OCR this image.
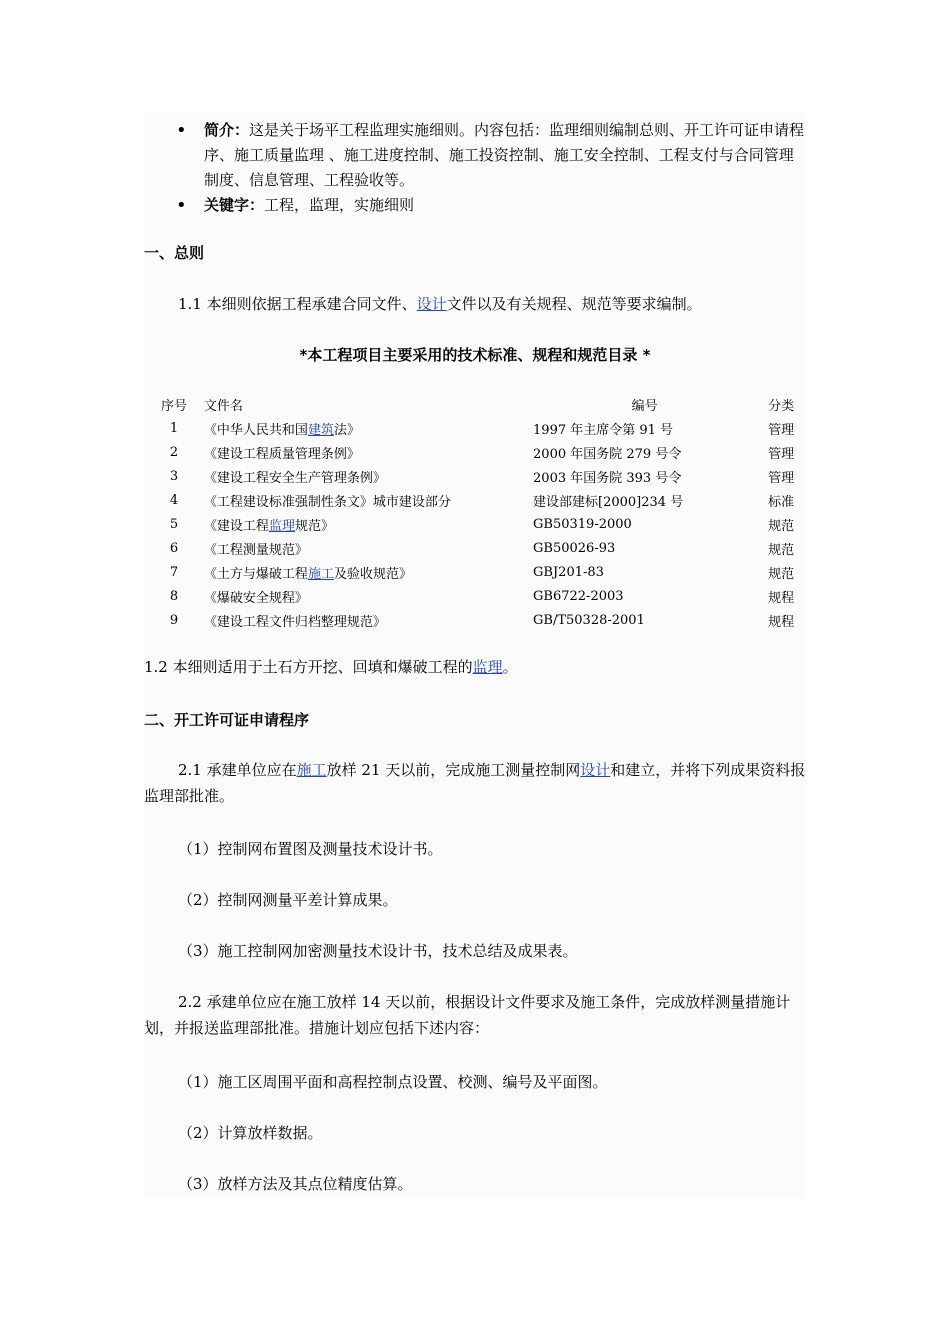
• 简介：这是关于场平工程监理实施细则。内容包括：监理细则编制总则、开工许可证申请程序、施工质量监理 、施工进度控制、施工投资控制、施工安全控制、工程支付与合同管理制度、信息管理、工程验收等。
• 关键字：工程，监理，实施细则
一、总则
1.1 本细则依据工程承建合同文件、设计文件以及有关规程、规范等要求编制。
*本工程项目主要采用的技术标准、规程和规范目录 *
序号	文件名	编号	分类
1	《中华人民共和国建筑法》	1997 年主席令第 91 号	管理
2	《建设工程质量管理条例》	2000 年国务院 279 号令	管理
3	《建设工程安全生产管理条例》	2003 年国务院 393 号令	管理
4	《工程建设标准强制性条文》城市建设部分	建设部建标[2000]234 号	标准
5	《建设工程监理规范》	GB50319-2000	规范
6	《工程测量规范》	GB50026-93	规范
7	《土方与爆破工程施工及验收规范》	GBJ201-83	规范
8	《爆破安全规程》	GB6722-2003	规程
9	《建设工程文件归档整理规范》	GB/T50328-2001	规程
1.2 本细则适用于土石方开挖、回填和爆破工程的监理。
二、开工许可证申请程序
2.1 承建单位应在施工放样 21 天以前，完成施工测量控制网设计和建立，并将下列成果资料报监理部批准。
（1）控制网布置图及测量技术设计书。
（2）控制网测量平差计算成果。
（3）施工控制网加密测量技术设计书，技术总结及成果表。
2.2 承建单位应在施工放样 14 天以前，根据设计文件要求及施工条件，完成放样测量措施计划，并报送监理部批准。措施计划应包括下述内容：
（1）施工区周围平面和高程控制点设置、校测、编号及平面图。
（2）计算放样数据。
（3）放样方法及其点位精度估算。
